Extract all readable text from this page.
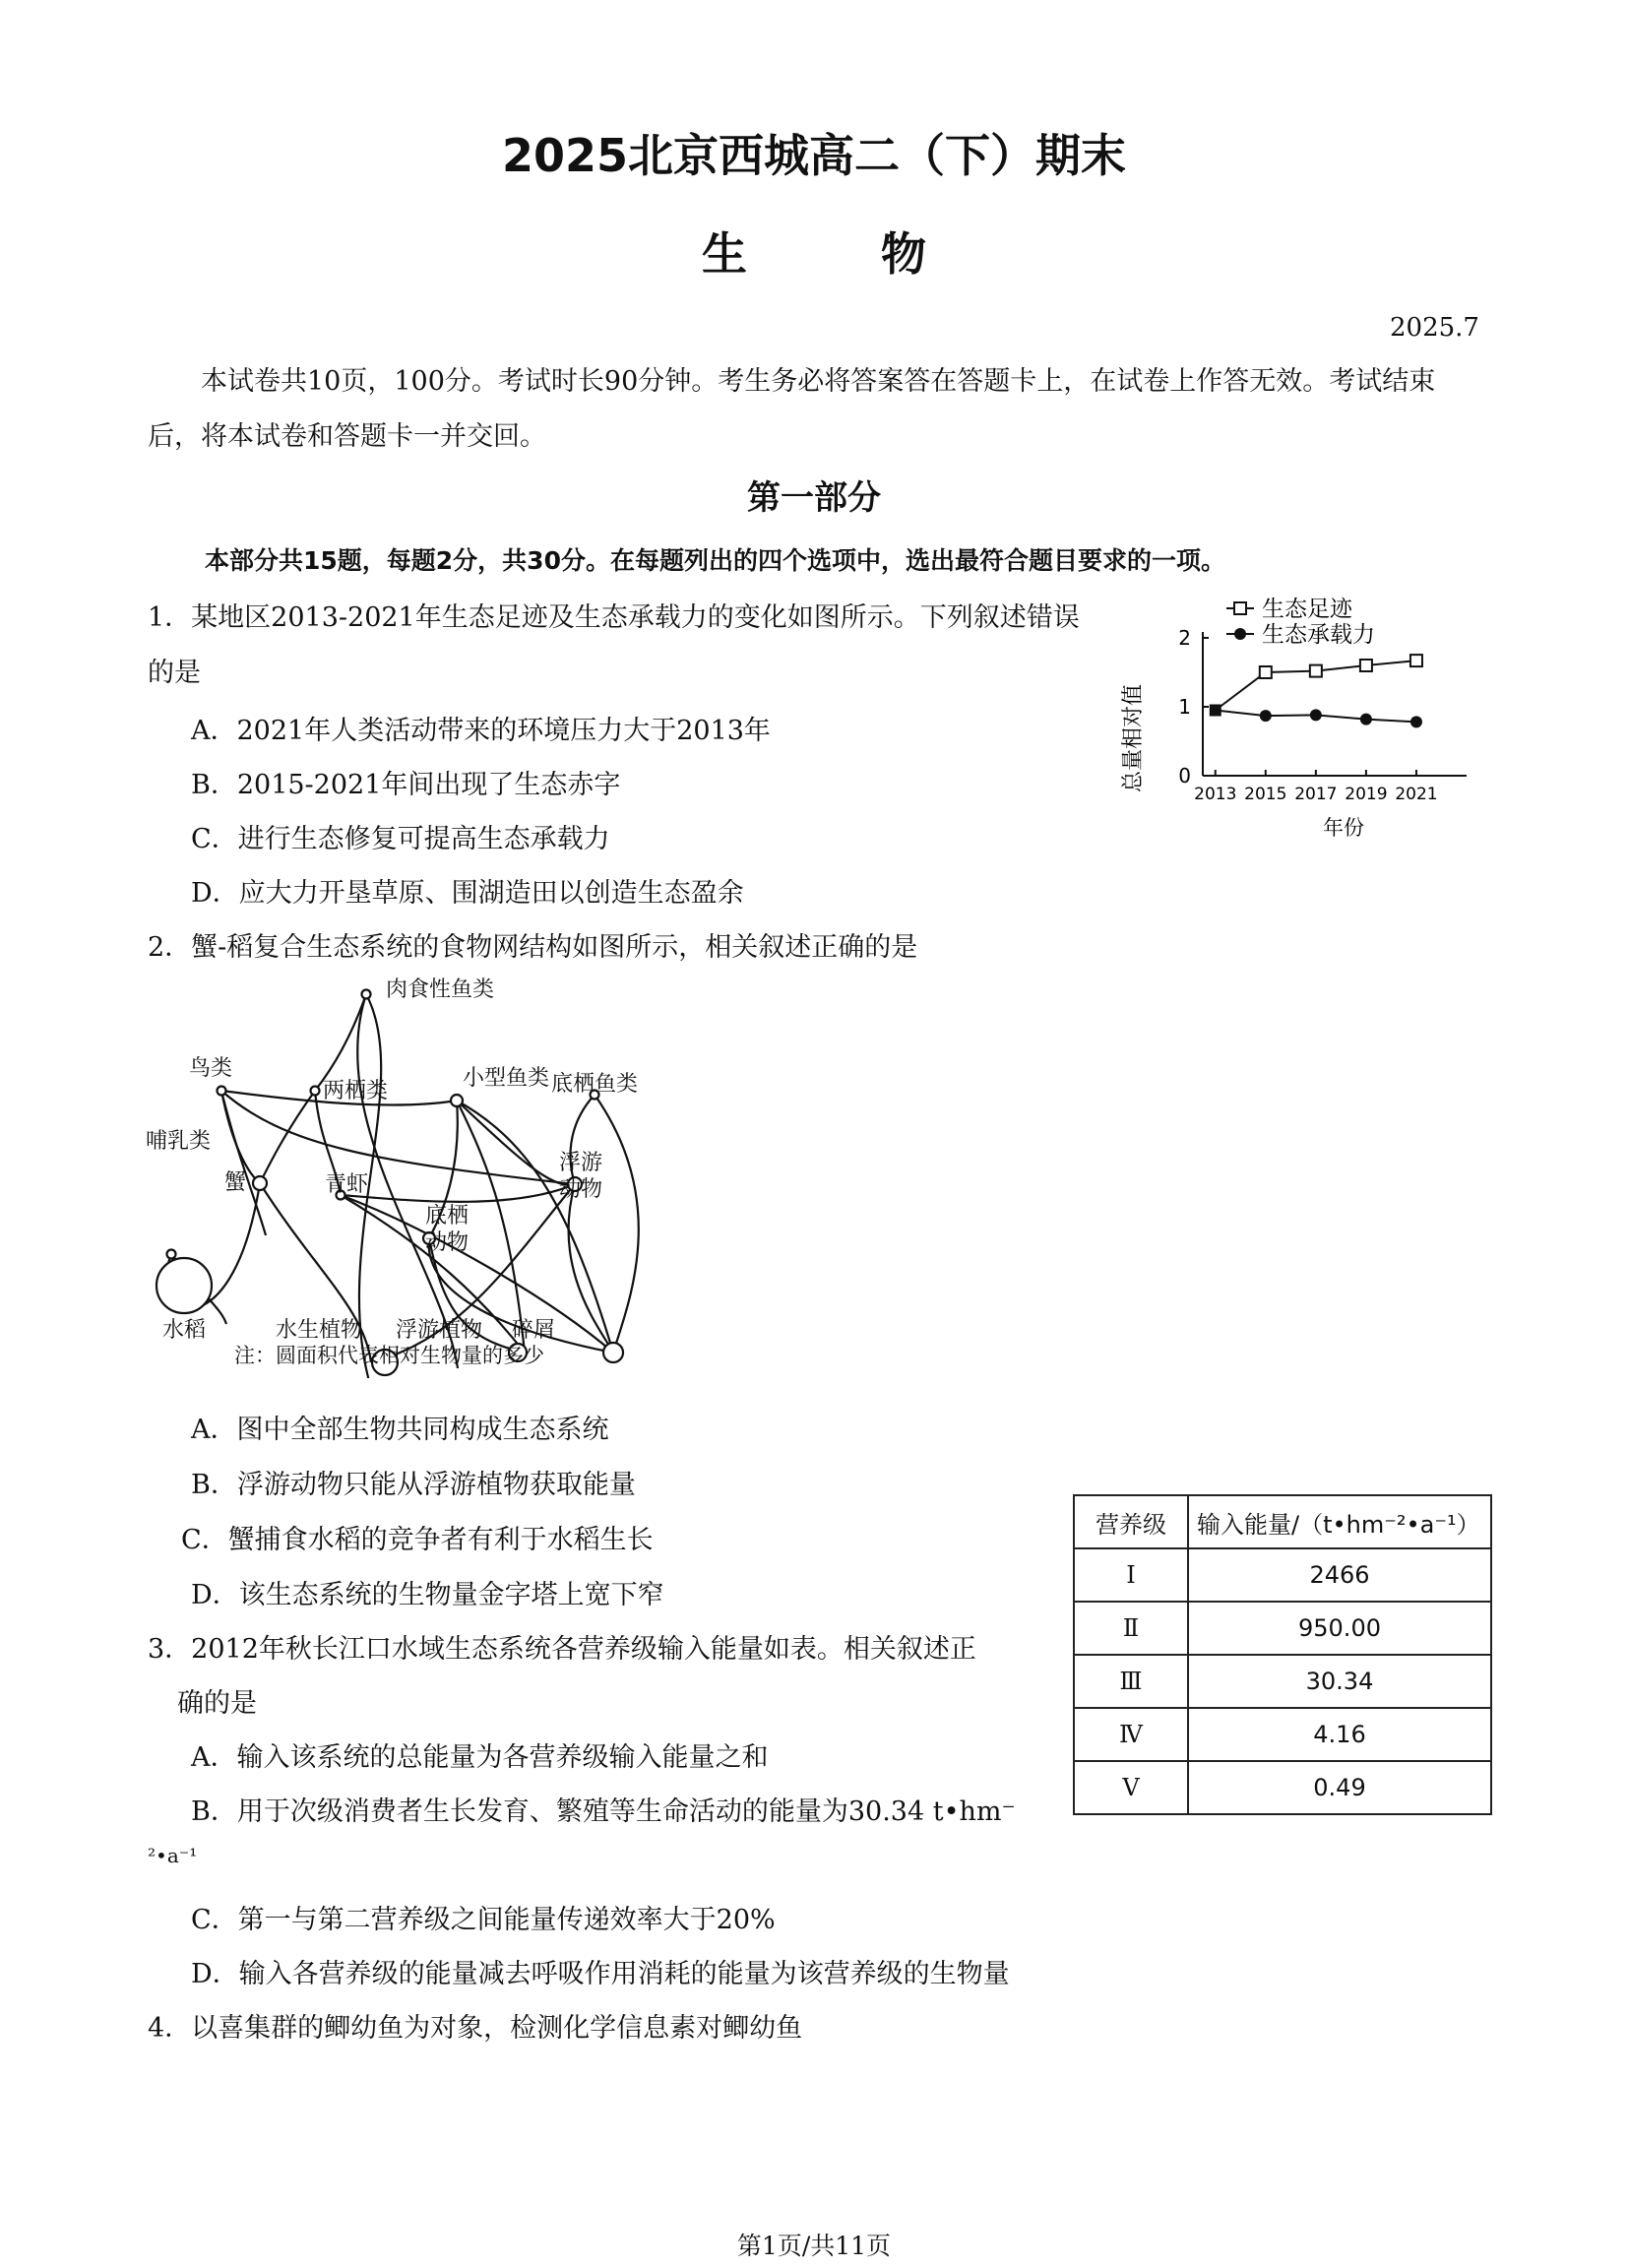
2025北京西城高二（下）期末
生 物
2025.7
本试卷共10页，100分。考试时长90分钟。考生务必将答案答在答题卡上，在试卷上作答无效。考试结束后，将本试卷和答题卡一并交回。
第一部分
本部分共15题，每题2分，共30分。在每题列出的四个选项中，选出最符合题目要求的一项。
1．某地区2013-2021年生态足迹及生态承载力的变化如图所示。下列叙述错误的是
A．2021年人类活动带来的环境压力大于2013年
B．2015-2021年间出现了生态赤字
C．进行生态修复可提高生态承载力
D．应大力开垦草原、围湖造田以创造生态盈余
0
1
2
2013 2015 2017 2019 2021
总量相对值
年份
生态足迹
生态承载力
2．蟹-稻复合生态系统的食物网结构如图所示，相关叙述正确的是
肉食性鱼类
鸟类
两栖类
小型鱼类 底栖鱼类
哺乳类
蟹	青虾
浮游
动物
底栖
动物
水稻	水生植物 浮游植物 碎屑
注：圆面积代表相对生物量的多少
A．图中全部生物共同构成生态系统
B．浮游动物只能从浮游植物获取能量
C．蟹捕食水稻的竞争者有利于水稻生长
D．该生态系统的生物量金字塔上宽下窄
营养级	输入能量/（t•hm⁻²•a⁻¹）
Ⅰ	2466
Ⅱ	950.00
Ⅲ	30.34
Ⅳ	4.16
Ⅴ	0.49
3．2012年秋长江口水域生态系统各营养级输入能量如表。相关叙述正
确的是
A．输入该系统的总能量为各营养级输入能量之和
B．用于次级消费者生长发育、繁殖等生命活动的能量为30.34 t•hm⁻
²•a⁻¹
C．第一与第二营养级之间能量传递效率大于20%
D．输入各营养级的能量减去呼吸作用消耗的能量为该营养级的生物量
4．以喜集群的鲫幼鱼为对象，检测化学信息素对鲫幼鱼
第1页/共11页
